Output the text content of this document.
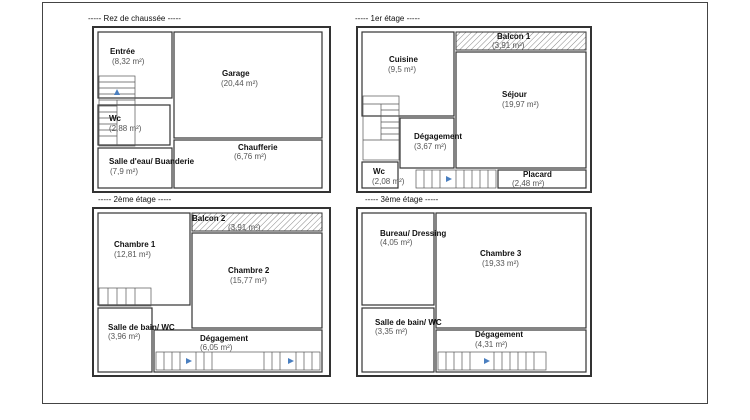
----- Rez de chaussée -----
Entrée
(8,32 m²)
Garage
(20,44 m²)
Wc
(2,88 m²)
Chaufferie
(6,76 m²)
Salle d'eau/ Buanderie
(7,9 m²)
----- 1er étage -----
Balcon 1
(3,91 m²)
Cuisine
(9,5 m²)
Séjour
(19,97 m²)
Dégagement
(3,67 m²)
Wc
(2,08 m²)
Placard
(2,48 m²)
----- 2ème étage -----
Balcon 2
(3,91 m²)
Chambre 1
(12,81 m²)
Chambre 2
(15,77 m²)
Salle de bain/ WC
(3,96 m²)	Dégagement
(6,05 m²)
----- 3ème étage -----
Bureau/ Dressing
(4,05 m²)
Chambre 3
(19,33 m²)
Salle de bain/ WC
(3,35 m²)	Dégagement
(4,31 m²)
